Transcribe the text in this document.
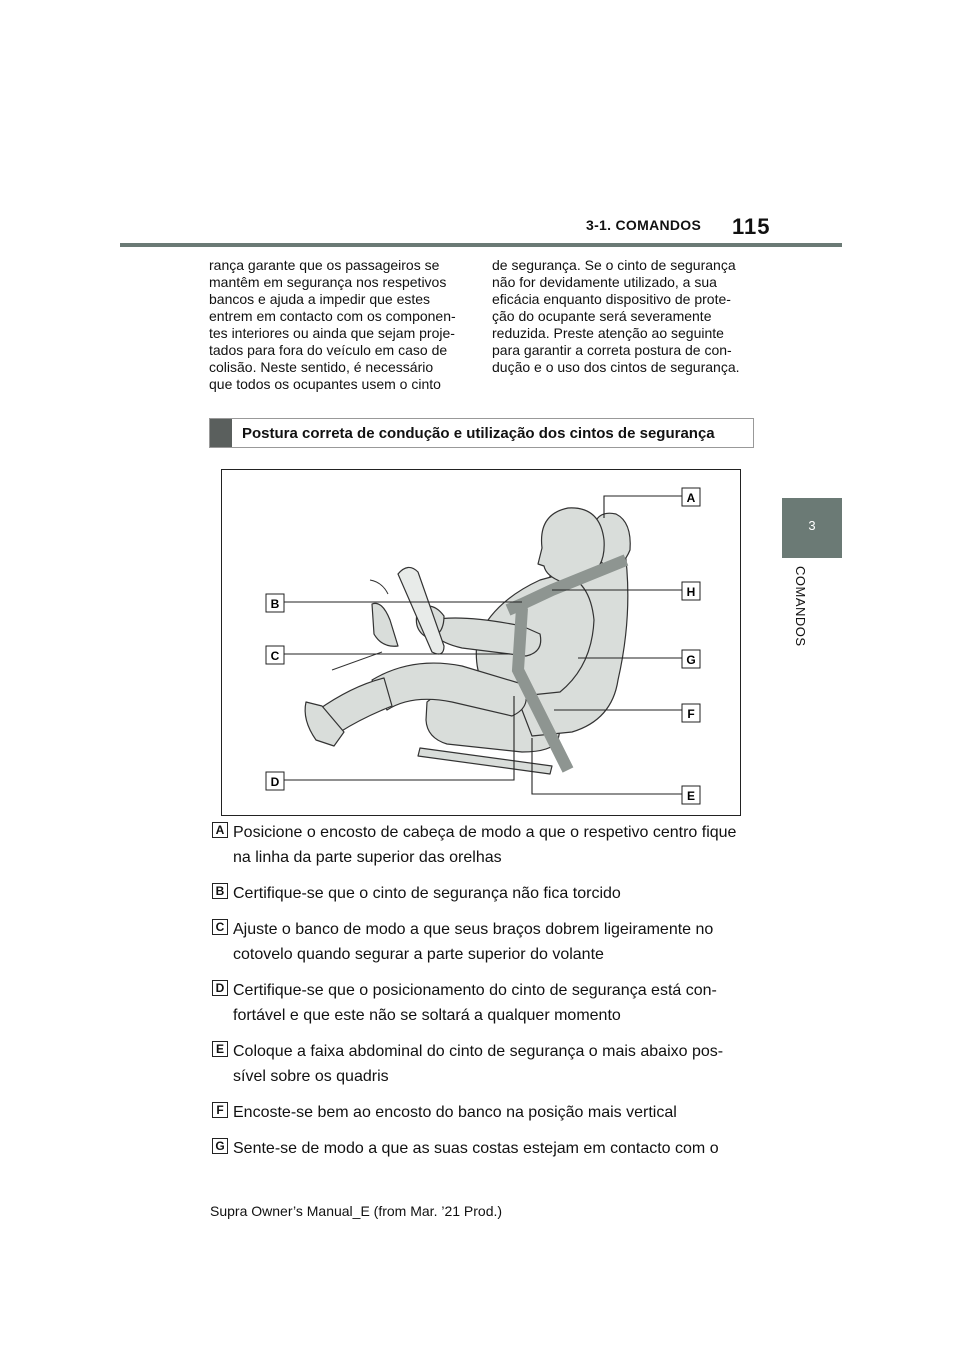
3-1. COMANDOS 115
3
COMANDOS
rança garante que os passageiros se
mantêm em segurança nos respetivos
bancos e ajuda a impedir que estes
entrem em contacto com os componen-
tes interiores ou ainda que sejam proje-
tados para fora do veículo em caso de
colisão. Neste sentido, é necessário
que todos os ocupantes usem o cinto
de segurança. Se o cinto de segurança
não for devidamente utilizado, a sua
eficácia enquanto dispositivo de prote-
ção do ocupante será severamente
reduzida. Preste atenção ao seguinte
para garantir a correta postura de con-
dução e o uso dos cintos de segurança.
Postura correta de condução e utilização dos cintos de segurança
A
H
B
C	G
F
D
E
A Posicione o encosto de cabeça de modo a que o respetivo centro fique
na linha da parte superior das orelhas
B Certifique-se que o cinto de segurança não fica torcido
C Ajuste o banco de modo a que seus braços dobrem ligeiramente no
cotovelo quando segurar a parte superior do volante
D Certifique-se que o posicionamento do cinto de segurança está con-
fortável e que este não se soltará a qualquer momento
E Coloque a faixa abdominal do cinto de segurança o mais abaixo pos-
sível sobre os quadris
F Encoste-se bem ao encosto do banco na posição mais vertical
G Sente-se de modo a que as suas costas estejam em contacto com o
Supra Owner’s Manual_E (from Mar. ’21 Prod.)
